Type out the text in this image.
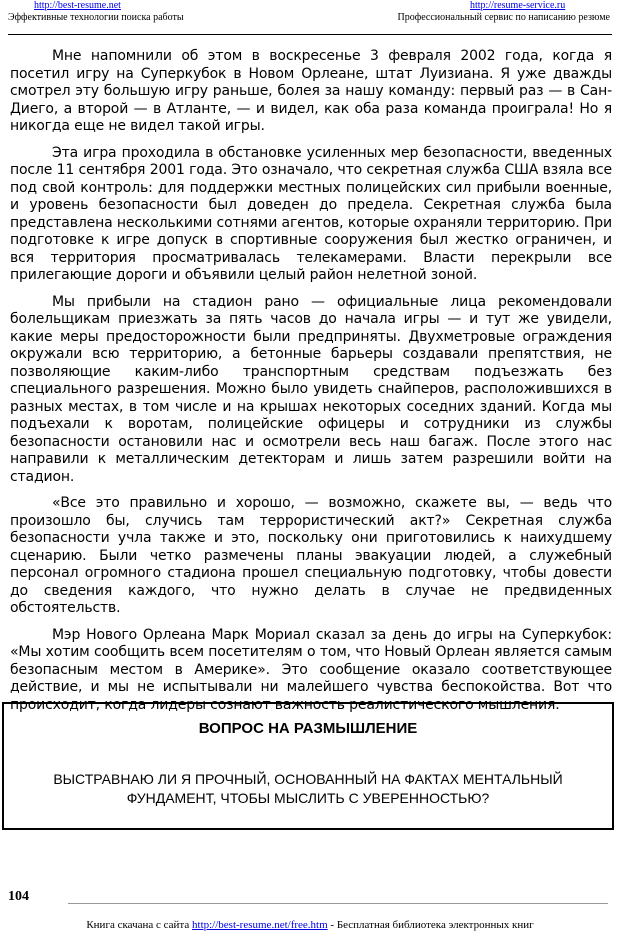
http://best-resume.net
Эффективные технологии поиска работы
http://resume-service.ru
Профессиональный сервис по написанию резюме

Мне напомнили об этом в воскресенье 3 февраля 2002 года, когда я посетил игру на Суперкубок в Новом Орлеане, штат Луизиана. Я уже дважды смотрел эту большую игру раньше, болея за нашу команду: первый раз — в Сан-Диего, а второй — в Атланте, — и видел, как оба раза команда проиграла! Но я никогда еще не видел такой игры.

Эта игра проходила в обстановке усиленных мер безопасности, введенных после 11 сентября 2001 года. Это означало, что секретная служба США взяла все под свой контроль: для поддержки местных полицейских сил прибыли военные, и уровень безопасности был доведен до предела. Секретная служба была представлена несколькими сотнями агентов, которые охраняли территорию. При подготовке к игре допуск в спортивные сооружения был жестко ограничен, и вся территория просматривалась телекамерами. Власти перекрыли все прилегающие дороги и объявили целый район нелетной зоной.

Мы прибыли на стадион рано — официальные лица рекомендовали болельщикам приезжать за пять часов до начала игры — и тут же увидели, какие меры предосторожности были предприняты. Двухметровые ограждения окружали всю территорию, а бетонные барьеры создавали препятствия, не позволяющие каким-либо транспортным средствам подъезжать без специального разрешения. Можно было увидеть снайперов, расположившихся в разных местах, в том числе и на крышах некоторых соседних зданий. Когда мы подъехали к воротам, полицейские офицеры и сотрудники из службы безопасности остановили нас и осмотрели весь наш багаж. После этого нас направили к металлическим детекторам и лишь затем разрешили войти на стадион.

«Все это правильно и хорошо, — возможно, скажете вы, — ведь что произошло бы, случись там террористический акт?» Секретная служба безопасности учла также и это, поскольку они приготовились к наихудшему сценарию. Были четко размечены планы эвакуации людей, а служебный персонал огромного стадиона прошел специальную подготовку, чтобы довести до сведения каждого, что нужно делать в случае не предвиденных обстоятельств.

Мэр Нового Орлеана Марк Мориал сказал за день до игры на Суперкубок: «Мы хотим сообщить всем посетителям о том, что Новый Орлеан является самым безопасным местом в Америке». Это сообщение оказало соответствующее действие, и мы не испытывали ни малейшего чувства беспокойства. Вот что происходит, когда лидеры сознают важность реалистического мышления.

ВОПРОС НА РАЗМЫШЛЕНИЕ
ВЫСТРАВНАЮ ЛИ Я ПРОЧНЫЙ, ОСНОВАННЫЙ НА ФАКТАХ МЕНТАЛЬНЫЙ ФУНДАМЕНТ, ЧТОБЫ МЫСЛИТЬ С УВЕРЕННОСТЬЮ?
104
Книга скачана с сайта http://best-resume.net/free.htm - Бесплатная библиотека электронных книг
